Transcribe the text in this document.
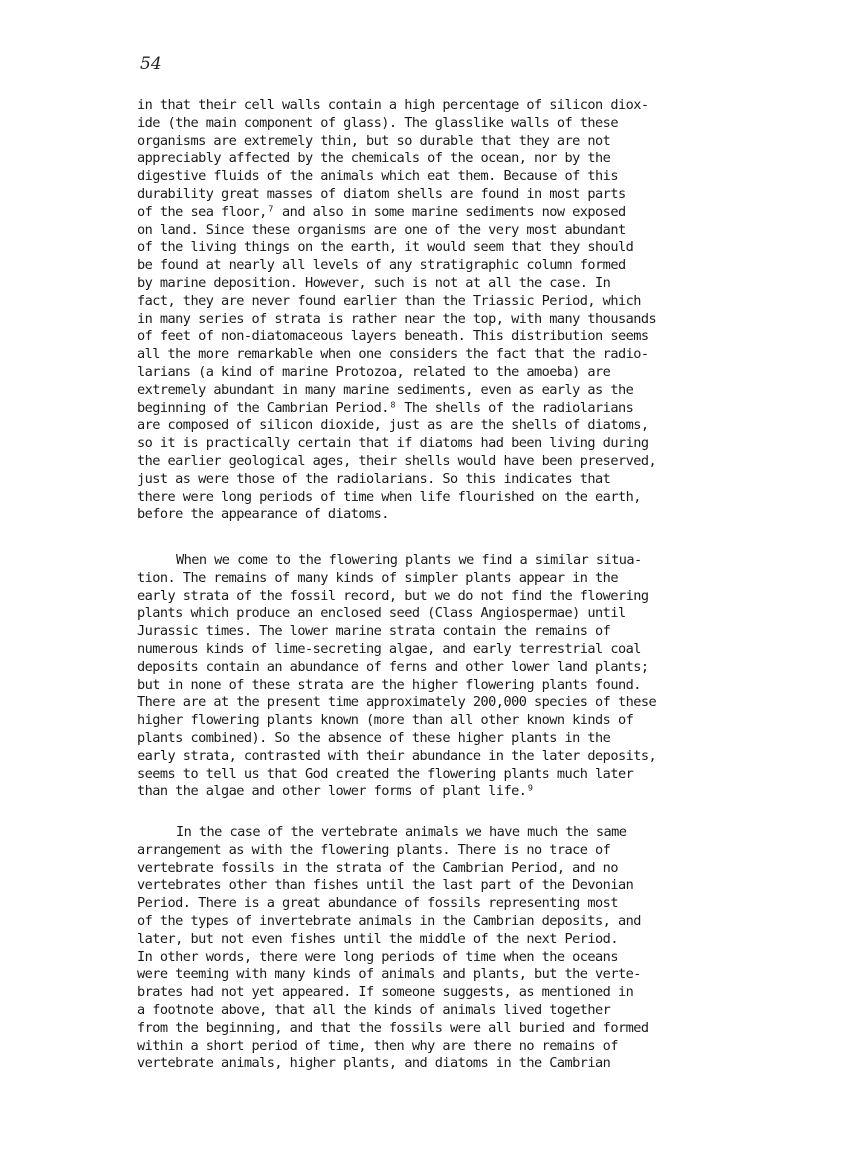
54

in that their cell walls contain a high percentage of silicon diox-
ide (the main component of glass). The glasslike walls of these
organisms are extremely thin, but so durable that they are not
appreciably affected by the chemicals of the ocean, nor by the
digestive fluids of the animals which eat them. Because of this
durability great masses of diatom shells are found in most parts
of the sea floor,⁷ and also in some marine sediments now exposed
on land. Since these organisms are one of the very most abundant
of the living things on the earth, it would seem that they should
be found at nearly all levels of any stratigraphic column formed
by marine deposition. However, such is not at all the case. In
fact, they are never found earlier than the Triassic Period, which
in many series of strata is rather near the top, with many thousands
of feet of non-diatomaceous layers beneath. This distribution seems
all the more remarkable when one considers the fact that the radio-
larians (a kind of marine Protozoa, related to the amoeba) are
extremely abundant in many marine sediments, even as early as the
beginning of the Cambrian Period.⁸ The shells of the radiolarians
are composed of silicon dioxide, just as are the shells of diatoms,
so it is practically certain that if diatoms had been living during
the earlier geological ages, their shells would have been preserved,
just as were those of the radiolarians. So this indicates that
there were long periods of time when life flourished on the earth,
before the appearance of diatoms.

When we come to the flowering plants we find a similar situa-
tion. The remains of many kinds of simpler plants appear in the
early strata of the fossil record, but we do not find the flowering
plants which produce an enclosed seed (Class Angiospermae) until
Jurassic times. The lower marine strata contain the remains of
numerous kinds of lime-secreting algae, and early terrestrial coal
deposits contain an abundance of ferns and other lower land plants;
but in none of these strata are the higher flowering plants found.
There are at the present time approximately 200,000 species of these
higher flowering plants known (more than all other known kinds of
plants combined). So the absence of these higher plants in the
early strata, contrasted with their abundance in the later deposits,
seems to tell us that God created the flowering plants much later
than the algae and other lower forms of plant life.⁹

In the case of the vertebrate animals we have much the same
arrangement as with the flowering plants. There is no trace of
vertebrate fossils in the strata of the Cambrian Period, and no
vertebrates other than fishes until the last part of the Devonian
Period. There is a great abundance of fossils representing most
of the types of invertebrate animals in the Cambrian deposits, and
later, but not even fishes until the middle of the next Period.
In other words, there were long periods of time when the oceans
were teeming with many kinds of animals and plants, but the verte-
brates had not yet appeared. If someone suggests, as mentioned in
a footnote above, that all the kinds of animals lived together
from the beginning, and that the fossils were all buried and formed
within a short period of time, then why are there no remains of
vertebrate animals, higher plants, and diatoms in the Cambrian
